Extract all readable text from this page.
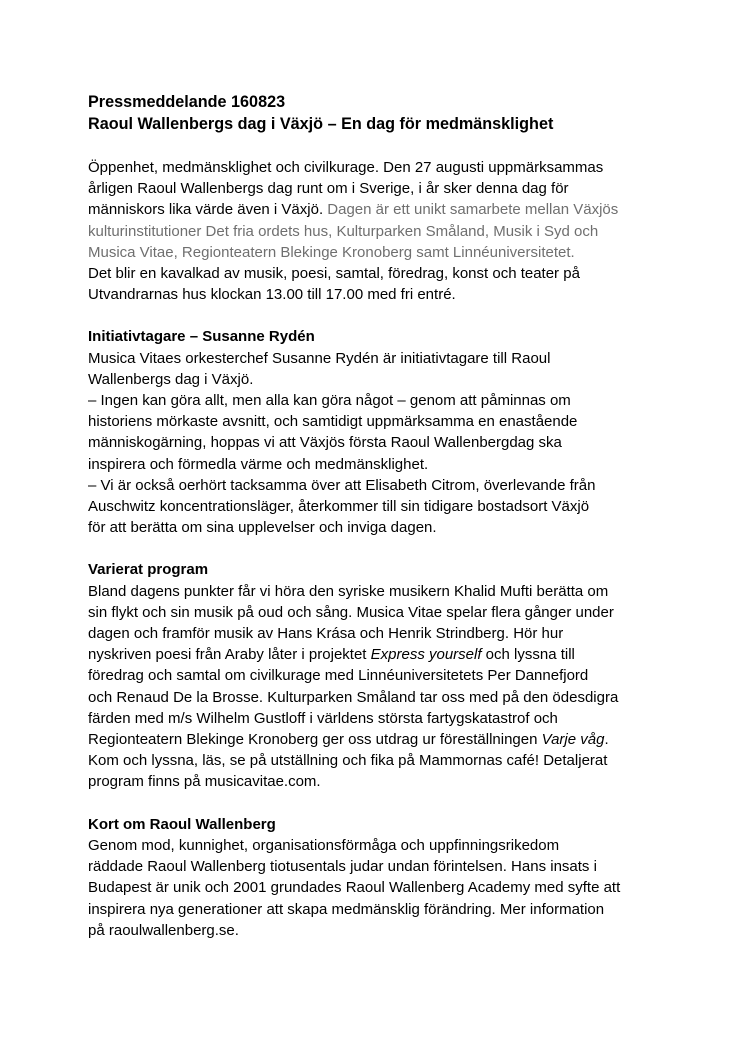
Pressmeddelande 160823

Raoul Wallenbergs dag i Växjö – En dag för medmänsklighet

Öppenhet, medmänsklighet och civilkurage. Den 27 augusti uppmärksammas
årligen Raoul Wallenbergs dag runt om i Sverige, i år sker denna dag för
människors lika värde även i Växjö. Dagen är ett unikt samarbete mellan Växjös
kulturinstitutioner Det fria ordets hus, Kulturparken Småland, Musik i Syd och
Musica Vitae, Regionteatern Blekinge Kronoberg samt Linnéuniversitetet.
Det blir en kavalkad av musik, poesi, samtal, föredrag, konst och teater på
Utvandrarnas hus klockan 13.00 till 17.00 med fri entré.

Initiativtagare – Susanne Rydén

Musica Vitaes orkesterchef Susanne Rydén är initiativtagare till Raoul
Wallenbergs dag i Växjö.
– Ingen kan göra allt, men alla kan göra något – genom att påminnas om
historiens mörkaste avsnitt, och samtidigt uppmärksamma en enastående
människogärning, hoppas vi att Växjös första Raoul Wallenbergdag ska
inspirera och förmedla värme och medmänsklighet.
– Vi är också oerhört tacksamma över att Elisabeth Citrom, överlevande från
Auschwitz koncentrationsläger, återkommer till sin tidigare bostadsort Växjö
för att berätta om sina upplevelser och inviga dagen.

Varierat program

Bland dagens punkter får vi höra den syriske musikern Khalid Mufti berätta om
sin flykt och sin musik på oud och sång. Musica Vitae spelar flera gånger under
dagen och framför musik av Hans Krása och Henrik Strindberg. Hör hur
nyskriven poesi från Araby låter i projektet Express yourself och lyssna till
föredrag och samtal om civilkurage med Linnéuniversitetets Per Dannefjord
och Renaud De la Brosse. Kulturparken Småland tar oss med på den ödesdigra
färden med m/s Wilhelm Gustloff i världens största fartygskatastrof och
Regionteatern Blekinge Kronoberg ger oss utdrag ur föreställningen Varje våg.
Kom och lyssna, läs, se på utställning och fika på Mammornas café! Detaljerat
program finns på musicavitae.com.

Kort om Raoul Wallenberg

Genom mod, kunnighet, organisationsförmåga och uppfinningsrikedom
räddade Raoul Wallenberg tiotusentals judar undan förintelsen. Hans insats i
Budapest är unik och 2001 grundades Raoul Wallenberg Academy med syfte att
inspirera nya generationer att skapa medmänsklig förändring. Mer information
på raoulwallenberg.se.
